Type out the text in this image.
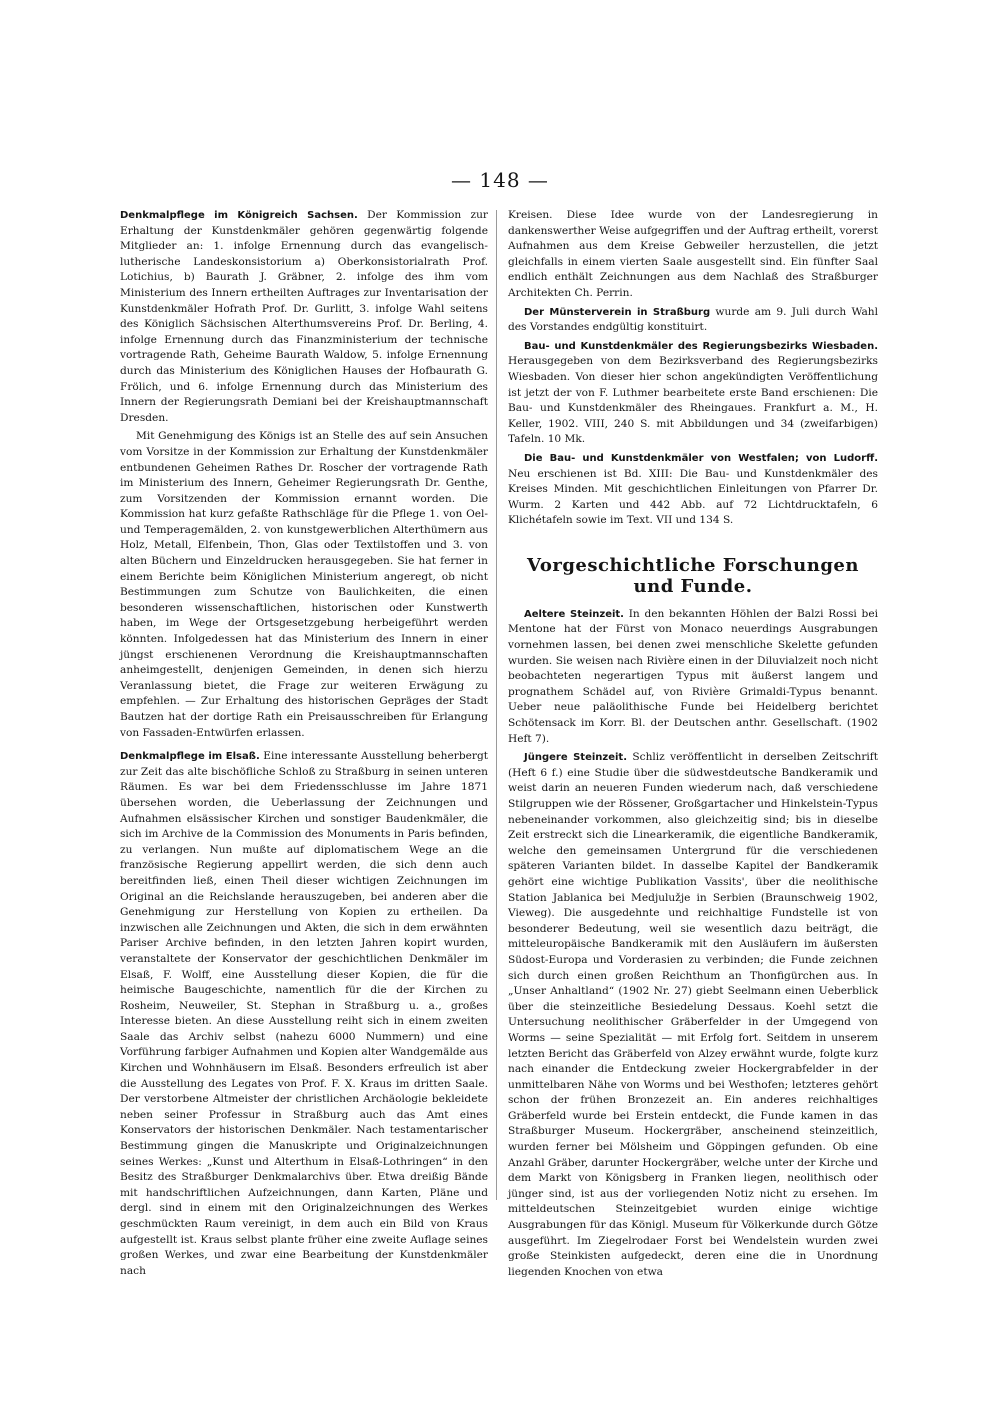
— 148 —

Denkmalpflege im Königreich Sachsen. Der Kommission zur Erhaltung der Kunstdenkmäler gehören gegenwärtig folgende Mitglieder an: 1. infolge Ernennung durch das evangelisch-lutherische Landeskonsistorium a) Oberkonsistorialrath Prof. Lotichius, b) Baurath J. Gräbner, 2. infolge des ihm vom Ministerium des Innern ertheilten Auftrages zur Inventarisation der Kunstdenkmäler Hofrath Prof. Dr. Gurlitt, 3. infolge Wahl seitens des Königlich Sächsischen Alterthumsvereins Prof. Dr. Berling, 4. infolge Ernennung durch das Finanzministerium der technische vortragende Rath, Geheime Baurath Waldow, 5. infolge Ernennung durch das Ministerium des Königlichen Hauses der Hofbaurath G. Frölich, und 6. infolge Ernennung durch das Ministerium des Innern der Regierungsrath Demiani bei der Kreishauptmannschaft Dresden.

Mit Genehmigung des Königs ist an Stelle des auf sein Ansuchen vom Vorsitze in der Kommission zur Erhaltung der Kunstdenkmäler entbundenen Geheimen Rathes Dr. Roscher der vortragende Rath im Ministerium des Innern, Geheimer Regierungsrath Dr. Genthe, zum Vorsitzenden der Kommission ernannt worden. Die Kommission hat kurz gefaßte Rathschläge für die Pflege 1. von Oel- und Temperagemälden, 2. von kunstgewerblichen Alterthümern aus Holz, Metall, Elfenbein, Thon, Glas oder Textilstoffen und 3. von alten Büchern und Einzeldrucken herausgegeben. Sie hat ferner in einem Berichte beim Königlichen Ministerium angeregt, ob nicht Bestimmungen zum Schutze von Baulichkeiten, die einen besonderen wissenschaftlichen, historischen oder Kunstwerth haben, im Wege der Ortsgesetzgebung herbeigeführt werden könnten. Infolgedessen hat das Ministerium des Innern in einer jüngst erschienenen Verordnung die Kreishauptmannschaften anheimgestellt, denjenigen Gemeinden, in denen sich hierzu Veranlassung bietet, die Frage zur weiteren Erwägung zu empfehlen. — Zur Erhaltung des historischen Gepräges der Stadt Bautzen hat der dortige Rath ein Preisausschreiben für Erlangung von Fassaden-Entwürfen erlassen.

Denkmalpflege im Elsaß. Eine interessante Ausstellung beherbergt zur Zeit das alte bischöfliche Schloß zu Straßburg in seinen unteren Räumen. Es war bei dem Friedensschlusse im Jahre 1871 übersehen worden, die Ueberlassung der Zeichnungen und Aufnahmen elsässischer Kirchen und sonstiger Baudenkmäler, die sich im Archive de la Commission des Monuments in Paris befinden, zu verlangen. Nun mußte auf diplomatischem Wege an die französische Regierung appellirt werden, die sich denn auch bereitfinden ließ, einen Theil dieser wichtigen Zeichnungen im Original an die Reichslande herauszugeben, bei anderen aber die Genehmigung zur Herstellung von Kopien zu ertheilen. Da inzwischen alle Zeichnungen und Akten, die sich in dem erwähnten Pariser Archive befinden, in den letzten Jahren kopirt wurden, veranstaltete der Konservator der geschichtlichen Denkmäler im Elsaß, F. Wolff, eine Ausstellung dieser Kopien, die für die heimische Baugeschichte, namentlich für die der Kirchen zu Rosheim, Neuweiler, St. Stephan in Straßburg u. a., großes Interesse bieten. An diese Ausstellung reiht sich in einem zweiten Saale das Archiv selbst (nahezu 6000 Nummern) und eine Vorführung farbiger Aufnahmen und Kopien alter Wandgemälde aus Kirchen und Wohnhäusern im Elsaß. Besonders erfreulich ist aber die Ausstellung des Legates von Prof. F. X. Kraus im dritten Saale. Der verstorbene Altmeister der christlichen Archäologie bekleidete neben seiner Professur in Straßburg auch das Amt eines Konservators der historischen Denkmäler. Nach testamentarischer Bestimmung gingen die Manuskripte und Originalzeichnungen seines Werkes: „Kunst und Alterthum in Elsaß-Lothringen“ in den Besitz des Straßburger Denkmalarchivs über. Etwa dreißig Bände mit handschriftlichen Aufzeichnungen, dann Karten, Pläne und dergl. sind in einem mit den Originalzeichnungen des Werkes geschmückten Raum vereinigt, in dem auch ein Bild von Kraus aufgestellt ist. Kraus selbst plante früher eine zweite Auflage seines großen Werkes, und zwar eine Bearbeitung der Kunstdenkmäler nach

Kreisen. Diese Idee wurde von der Landesregierung in dankenswerther Weise aufgegriffen und der Auftrag ertheilt, vorerst Aufnahmen aus dem Kreise Gebweiler herzustellen, die jetzt gleichfalls in einem vierten Saale ausgestellt sind. Ein fünfter Saal endlich enthält Zeichnungen aus dem Nachlaß des Straßburger Architekten Ch. Perrin.

Der Münsterverein in Straßburg wurde am 9. Juli durch Wahl des Vorstandes endgültig konstituirt.

Bau- und Kunstdenkmäler des Regierungsbezirks Wiesbaden. Herausgegeben von dem Bezirksverband des Regierungsbezirks Wiesbaden. Von dieser hier schon angekündigten Veröffentlichung ist jetzt der von F. Luthmer bearbeitete erste Band erschienen: Die Bau- und Kunstdenkmäler des Rheingaues. Frankfurt a. M., H. Keller, 1902. VIII, 240 S. mit Abbildungen und 34 (zweifarbigen) Tafeln. 10 Mk.

Die Bau- und Kunstdenkmäler von Westfalen; von Ludorff. Neu erschienen ist Bd. XIII: Die Bau- und Kunstdenkmäler des Kreises Minden. Mit geschichtlichen Einleitungen von Pfarrer Dr. Wurm. 2 Karten und 442 Abb. auf 72 Lichtdrucktafeln, 6 Klichétafeln sowie im Text. VII und 134 S.

Vorgeschichtliche Forschungen und Funde.

Aeltere Steinzeit. In den bekannten Höhlen der Balzi Rossi bei Mentone hat der Fürst von Monaco neuerdings Ausgrabungen vornehmen lassen, bei denen zwei menschliche Skelette gefunden wurden. Sie weisen nach Rivière einen in der Diluvialzeit noch nicht beobachteten negerartigen Typus mit äußerst langem und prognathem Schädel auf, von Rivière Grimaldi-Typus benannt. Ueber neue paläolithische Funde bei Heidelberg berichtet Schötensack im Korr. Bl. der Deutschen anthr. Gesellschaft. (1902 Heft 7).

Jüngere Steinzeit. Schliz veröffentlicht in derselben Zeitschrift (Heft 6 f.) eine Studie über die südwestdeutsche Bandkeramik und weist darin an neueren Funden wiederum nach, daß verschiedene Stilgruppen wie der Rössener, Großgartacher und Hinkelstein-Typus nebeneinander vorkommen, also gleichzeitig sind; bis in dieselbe Zeit erstreckt sich die Linearkeramik, die eigentliche Bandkeramik, welche den gemeinsamen Untergrund für die verschiedenen späteren Varianten bildet. In dasselbe Kapitel der Bandkeramik gehört eine wichtige Publikation Vassits', über die neolithische Station Jablanica bei Medjulužje in Serbien (Braunschweig 1902, Vieweg). Die ausgedehnte und reichhaltige Fundstelle ist von besonderer Bedeutung, weil sie wesentlich dazu beiträgt, die mitteleuropäische Bandkeramik mit den Ausläufern im äußersten Südost-Europa und Vorderasien zu verbinden; die Funde zeichnen sich durch einen großen Reichthum an Thonfigürchen aus. In „Unser Anhaltland“ (1902 Nr. 27) giebt Seelmann einen Ueberblick über die steinzeitliche Besiedelung Dessaus. Koehl setzt die Untersuchung neolithischer Gräberfelder in der Umgegend von Worms — seine Spezialität — mit Erfolg fort. Seitdem in unserem letzten Bericht das Gräberfeld von Alzey erwähnt wurde, folgte kurz nach einander die Entdeckung zweier Hockergrabfelder in der unmittelbaren Nähe von Worms und bei Westhofen; letzteres gehört schon der frühen Bronzezeit an. Ein anderes reichhaltiges Gräberfeld wurde bei Erstein entdeckt, die Funde kamen in das Straßburger Museum. Hockergräber, anscheinend steinzeitlich, wurden ferner bei Mölsheim und Göppingen gefunden. Ob eine Anzahl Gräber, darunter Hockergräber, welche unter der Kirche und dem Markt von Königsberg in Franken liegen, neolithisch oder jünger sind, ist aus der vorliegenden Notiz nicht zu ersehen. Im mitteldeutschen Steinzeitgebiet wurden einige wichtige Ausgrabungen für das Königl. Museum für Völkerkunde durch Götze ausgeführt. Im Ziegelrodaer Forst bei Wendelstein wurden zwei große Steinkisten aufgedeckt, deren eine die in Unordnung liegenden Knochen von etwa
